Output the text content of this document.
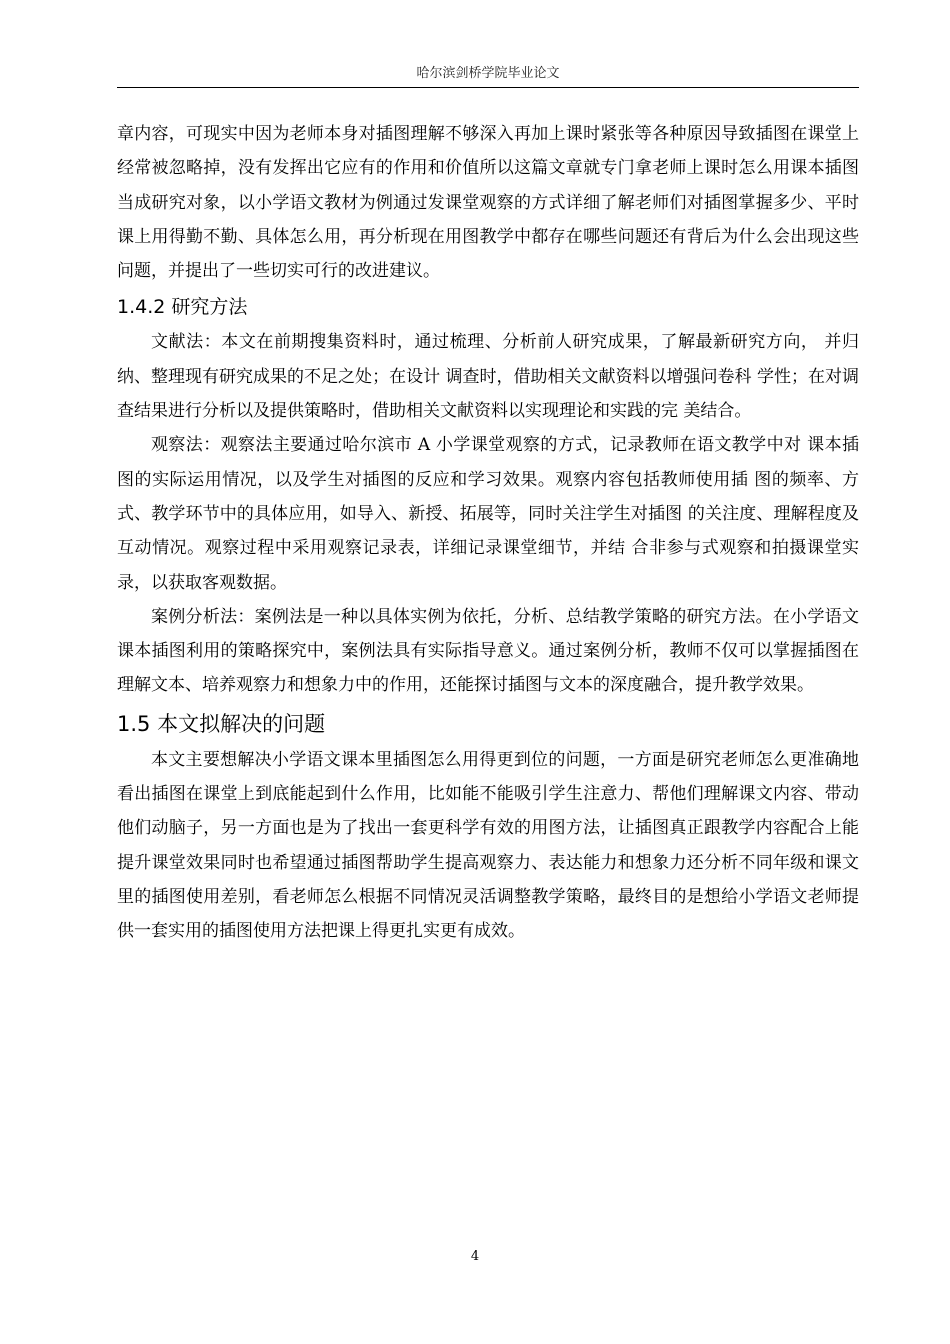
哈尔滨剑桥学院毕业论文

章内容，可现实中因为老师本身对插图理解不够深入再加上课时紧张等各种原因导致插图在课堂上经常被忽略掉，没有发挥出它应有的作用和价值所以这篇文章就专门拿老师上课时怎么用课本插图当成研究对象，以小学语文教材为例通过发课堂观察的方式详细了解老师们对插图掌握多少、平时课上用得勤不勤、具体怎么用，再分析现在用图教学中都存在哪些问题还有背后为什么会出现这些问题，并提出了一些切实可行的改进建议。

1.4.2 研究方法

文献法：本文在前期搜集资料时，通过梳理、分析前人研究成果，了解最新研究方向， 并归纳、整理现有研究成果的不足之处；在设计 调查时，借助相关文献资料以增强问卷科 学性；在对调查结果进行分析以及提供策略时，借助相关文献资料以实现理论和实践的完 美结合。

观察法：观察法主要通过哈尔滨市 A 小学课堂观察的方式，记录教师在语文教学中对 课本插图的实际运用情况，以及学生对插图的反应和学习效果。观察内容包括教师使用插 图的频率、方式、教学环节中的具体应用，如导入、新授、拓展等，同时关注学生对插图 的关注度、理解程度及互动情况。观察过程中采用观察记录表，详细记录课堂细节，并结 合非参与式观察和拍摄课堂实录，以获取客观数据。

案例分析法：案例法是一种以具体实例为依托，分析、总结教学策略的研究方法。在小学语文课本插图利用的策略探究中，案例法具有实际指导意义。通过案例分析，教师不仅可以掌握插图在理解文本、培养观察力和想象力中的作用，还能探讨插图与文本的深度融合，提升教学效果。

1.5 本文拟解决的问题

本文主要想解决小学语文课本里插图怎么用得更到位的问题，一方面是研究老师怎么更准确地看出插图在课堂上到底能起到什么作用，比如能不能吸引学生注意力、帮他们理解课文内容、带动他们动脑子，另一方面也是为了找出一套更科学有效的用图方法，让插图真正跟教学内容配合上能提升课堂效果同时也希望通过插图帮助学生提高观察力、表达能力和想象力还分析不同年级和课文里的插图使用差别，看老师怎么根据不同情况灵活调整教学策略，最终目的是想给小学语文老师提供一套实用的插图使用方法把课上得更扎实更有成效。

4
